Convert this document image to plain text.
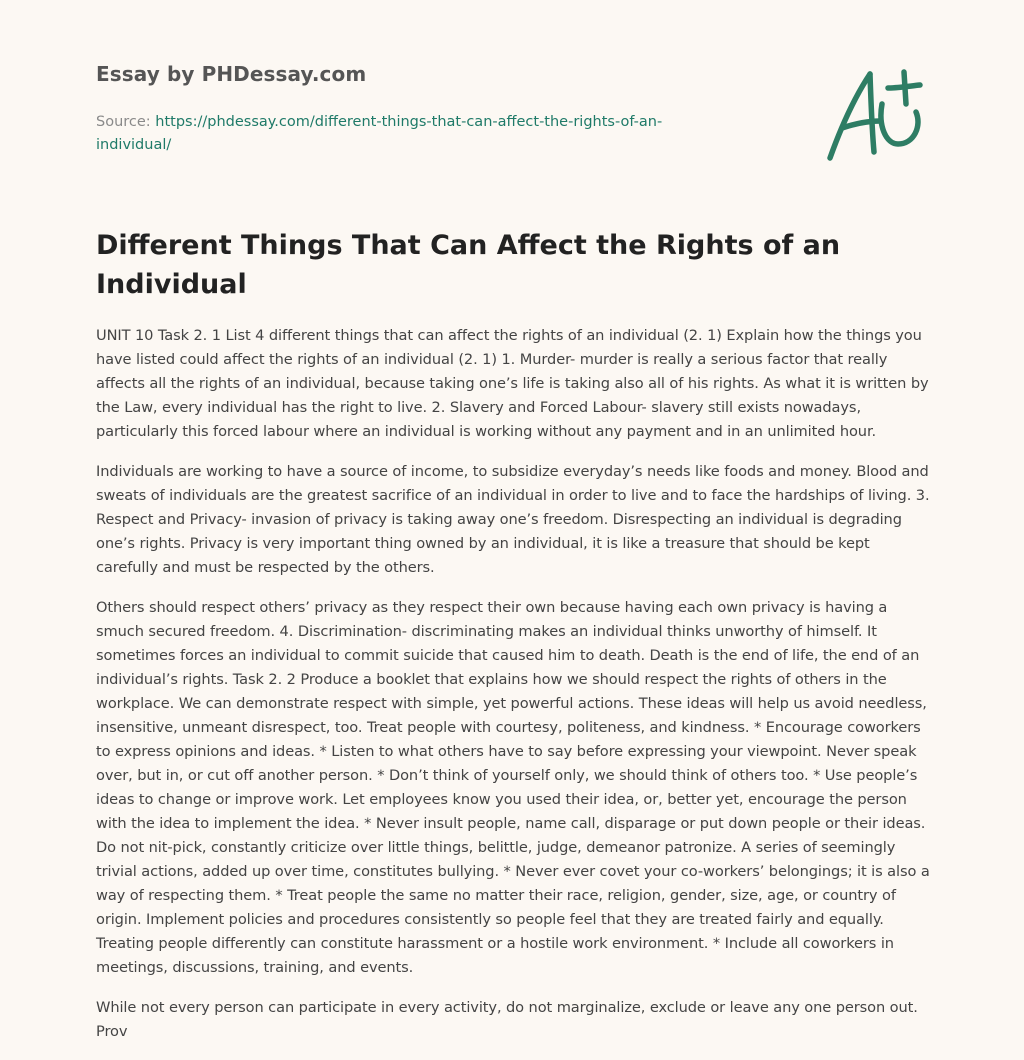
Essay by PHDessay.com
Source: https://phdessay.com/different-things-that-can-affect-the-rights-of-an-individual/
Different Things That Can Affect the Rights of an Individual

UNIT 10 Task 2. 1 List 4 different things that can affect the rights of an individual (2. 1) Explain how the things you have listed could affect the rights of an individual (2. 1) 1. Murder- murder is really a serious factor that really affects all the rights of an individual, because taking one’s life is taking also all of his rights. As what it is written by the Law, every individual has the right to live. 2. Slavery and Forced Labour- slavery still exists nowadays, particularly this forced labour where an individual is working without any payment and in an unlimited hour.

Individuals are working to have a source of income, to subsidize everyday’s needs like foods and money. Blood and sweats of individuals are the greatest sacrifice of an individual in order to live and to face the hardships of living. 3. Respect and Privacy- invasion of privacy is taking away one’s freedom. Disrespecting an individual is degrading one’s rights. Privacy is very important thing owned by an individual, it is like a treasure that should be kept carefully and must be respected by the others.

Others should respect others’ privacy as they respect their own because having each own privacy is having a smuch secured freedom. 4. Discrimination- discriminating makes an individual thinks unworthy of himself. It sometimes forces an individual to commit suicide that caused him to death. Death is the end of life, the end of an individual’s rights. Task 2. 2 Produce a booklet that explains how we should respect the rights of others in the workplace. We can demonstrate respect with simple, yet powerful actions. These ideas will help us avoid needless, insensitive, unmeant disrespect, too. Treat people with courtesy, politeness, and kindness. * Encourage coworkers to express opinions and ideas. * Listen to what others have to say before expressing your viewpoint. Never speak over, but in, or cut off another person. * Don’t think of yourself only, we should think of others too. * Use people’s ideas to change or improve work. Let employees know you used their idea, or, better yet, encourage the person with the idea to implement the idea. * Never insult people, name call, disparage or put down people or their ideas. Do not nit-pick, constantly criticize over little things, belittle, judge, demeanor patronize. A series of seemingly trivial actions, added up over time, constitutes bullying. * Never ever covet your co-workers’ belongings; it is also a way of respecting them. * Treat people the same no matter their race, religion, gender, size, age, or country of origin. Implement policies and procedures consistently so people feel that they are treated fairly and equally. Treating people differently can constitute harassment or a hostile work environment. * Include all coworkers in meetings, discussions, training, and events.

While not every person can participate in every activity, do not marginalize, exclude or leave any one person out. Prov
